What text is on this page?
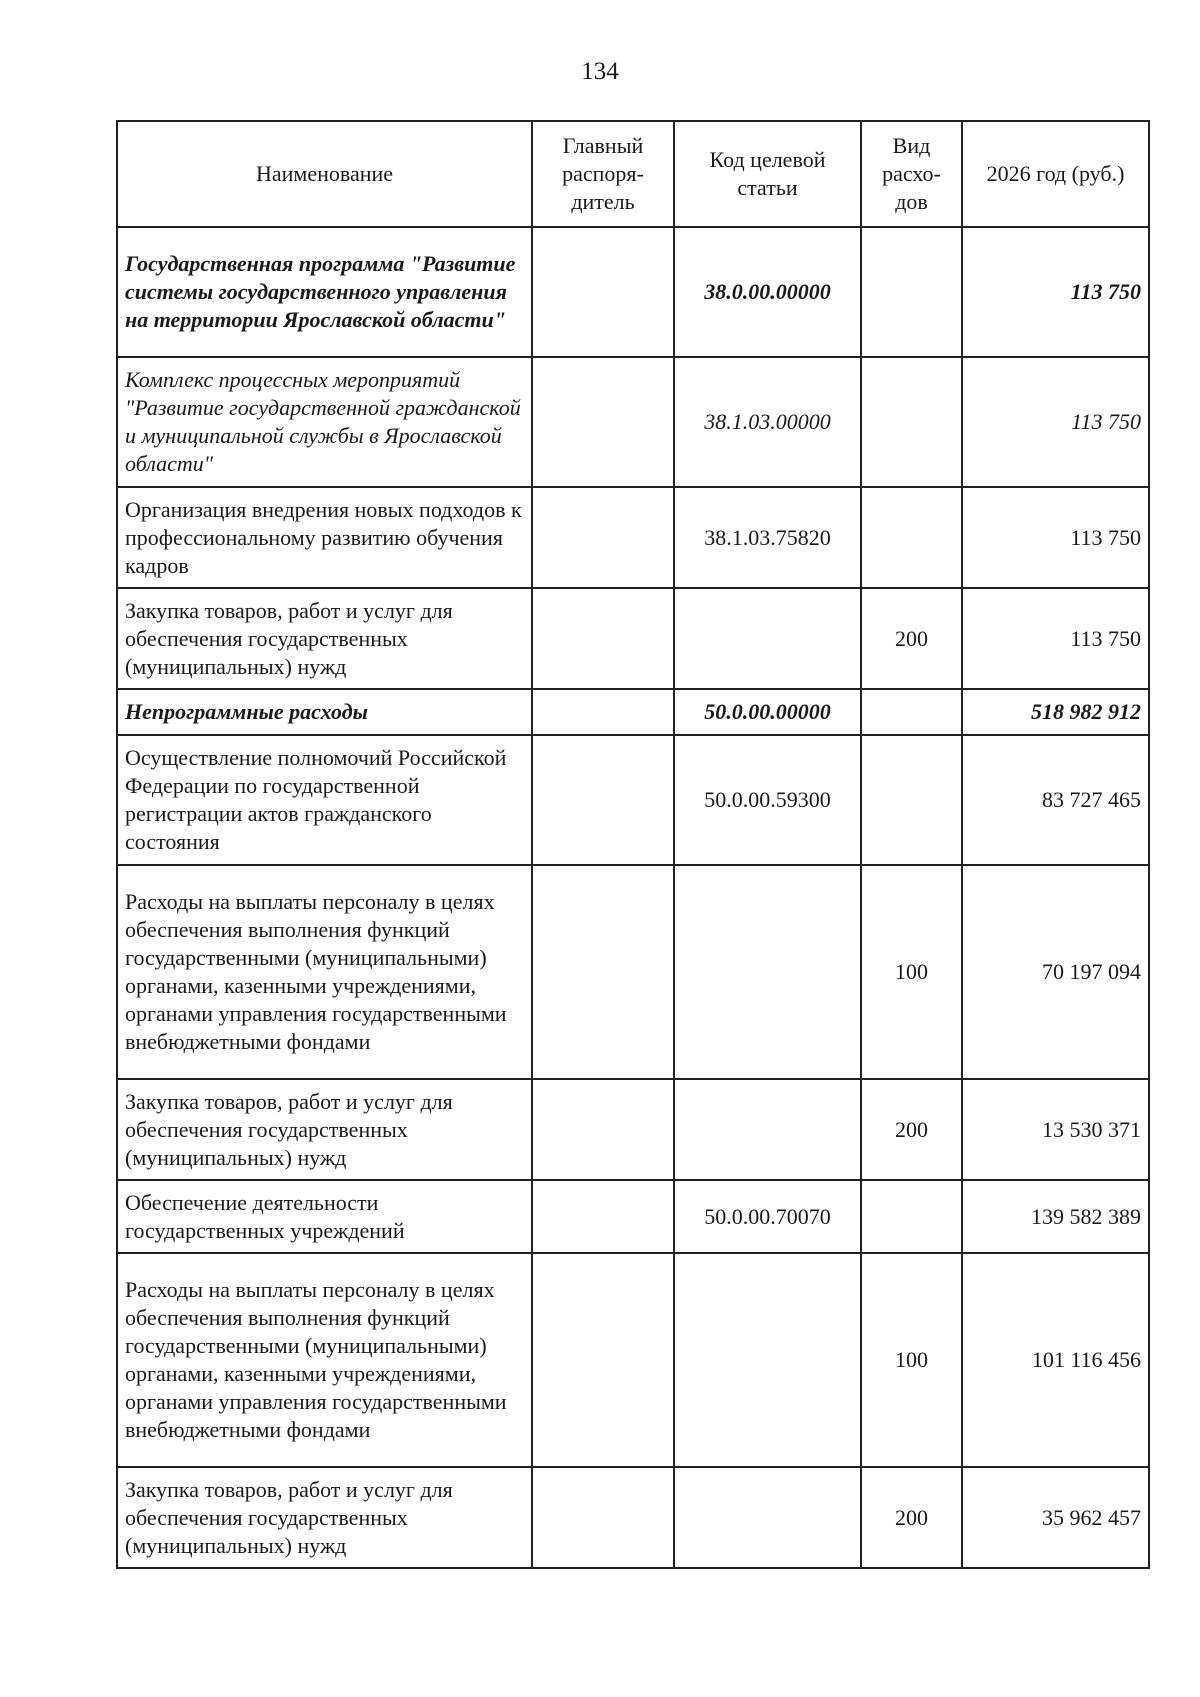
134
Наименование	Главный распоря-дитель	Код целевой статьи	Вид расхо-дов	2026 год (руб.)
Государственная программа "Развитие системы государственного управления на территории Ярославской области"		38.0.00.00000		113 750
Комплекс процессных мероприятий "Развитие государственной гражданской и муниципальной службы в Ярославской области"		38.1.03.00000		113 750
Организация внедрения новых подходов к профессиональному развитию обучения кадров		38.1.03.75820		113 750
Закупка товаров, работ и услуг для обеспечения государственных (муниципальных) нужд			200	113 750
Непрограммные расходы		50.0.00.00000		518 982 912
Осуществление полномочий Российской Федерации по государственной регистрации актов гражданского состояния		50.0.00.59300		83 727 465
Расходы на выплаты персоналу в целях обеспечения выполнения функций государственными (муниципальными) органами, казенными учреждениями, органами управления государственными внебюджетными фондами			100	70 197 094
Закупка товаров, работ и услуг для обеспечения государственных (муниципальных) нужд			200	13 530 371
Обеспечение деятельности государственных учреждений		50.0.00.70070		139 582 389
Расходы на выплаты персоналу в целях обеспечения выполнения функций государственными (муниципальными) органами, казенными учреждениями, органами управления государственными внебюджетными фондами			100	101 116 456
Закупка товаров, работ и услуг для обеспечения государственных (муниципальных) нужд			200	35 962 457
